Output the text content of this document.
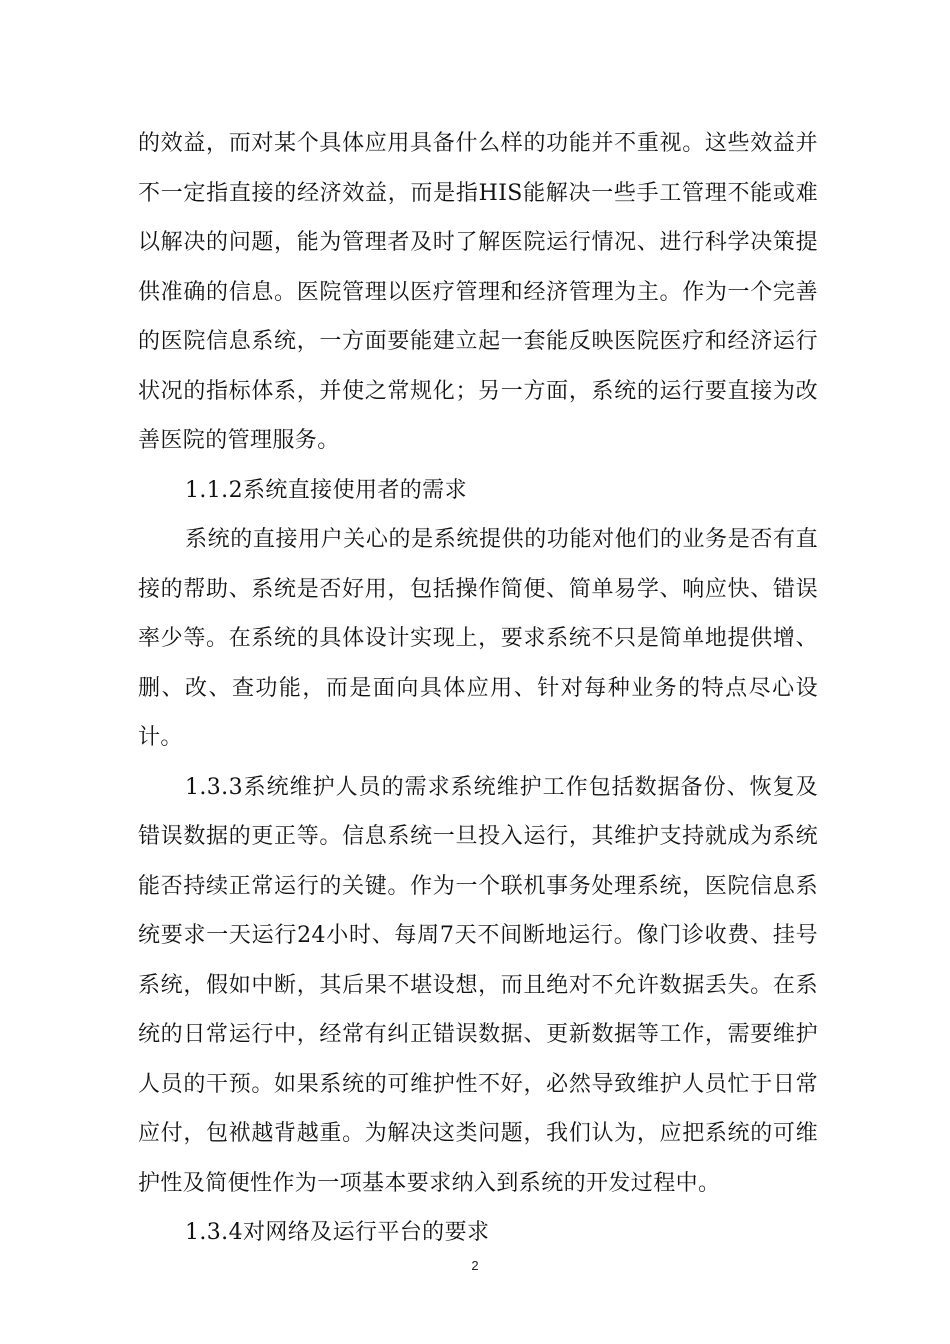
的效益，而对某个具体应用具备什么样的功能并不重视。这些效益并不一定指直接的经济效益，而是指HIS能解决一些手工管理不能或难以解决的问题，能为管理者及时了解医院运行情况、进行科学决策提供准确的信息。医院管理以医疗管理和经济管理为主。作为一个完善的医院信息系统，一方面要能建立起一套能反映医院医疗和经济运行状况的指标体系，并使之常规化；另一方面，系统的运行要直接为改善医院的管理服务。

1.1.2系统直接使用者的需求

系统的直接用户关心的是系统提供的功能对他们的业务是否有直接的帮助、系统是否好用，包括操作简便、简单易学、响应快、错误率少等。在系统的具体设计实现上，要求系统不只是简单地提供增、删、改、查功能，而是面向具体应用、针对每种业务的特点尽心设计。

1.3.3系统维护人员的需求系统维护工作包括数据备份、恢复及错误数据的更正等。信息系统一旦投入运行，其维护支持就成为系统能否持续正常运行的关键。作为一个联机事务处理系统，医院信息系统要求一天运行24小时、每周7天不间断地运行。像门诊收费、挂号系统，假如中断，其后果不堪设想，而且绝对不允许数据丢失。在系统的日常运行中，经常有纠正错误数据、更新数据等工作，需要维护人员的干预。如果系统的可维护性不好，必然导致维护人员忙于日常应付，包袱越背越重。为解决这类问题，我们认为，应把系统的可维护性及简便性作为一项基本要求纳入到系统的开发过程中。

1.3.4对网络及运行平台的要求

2
